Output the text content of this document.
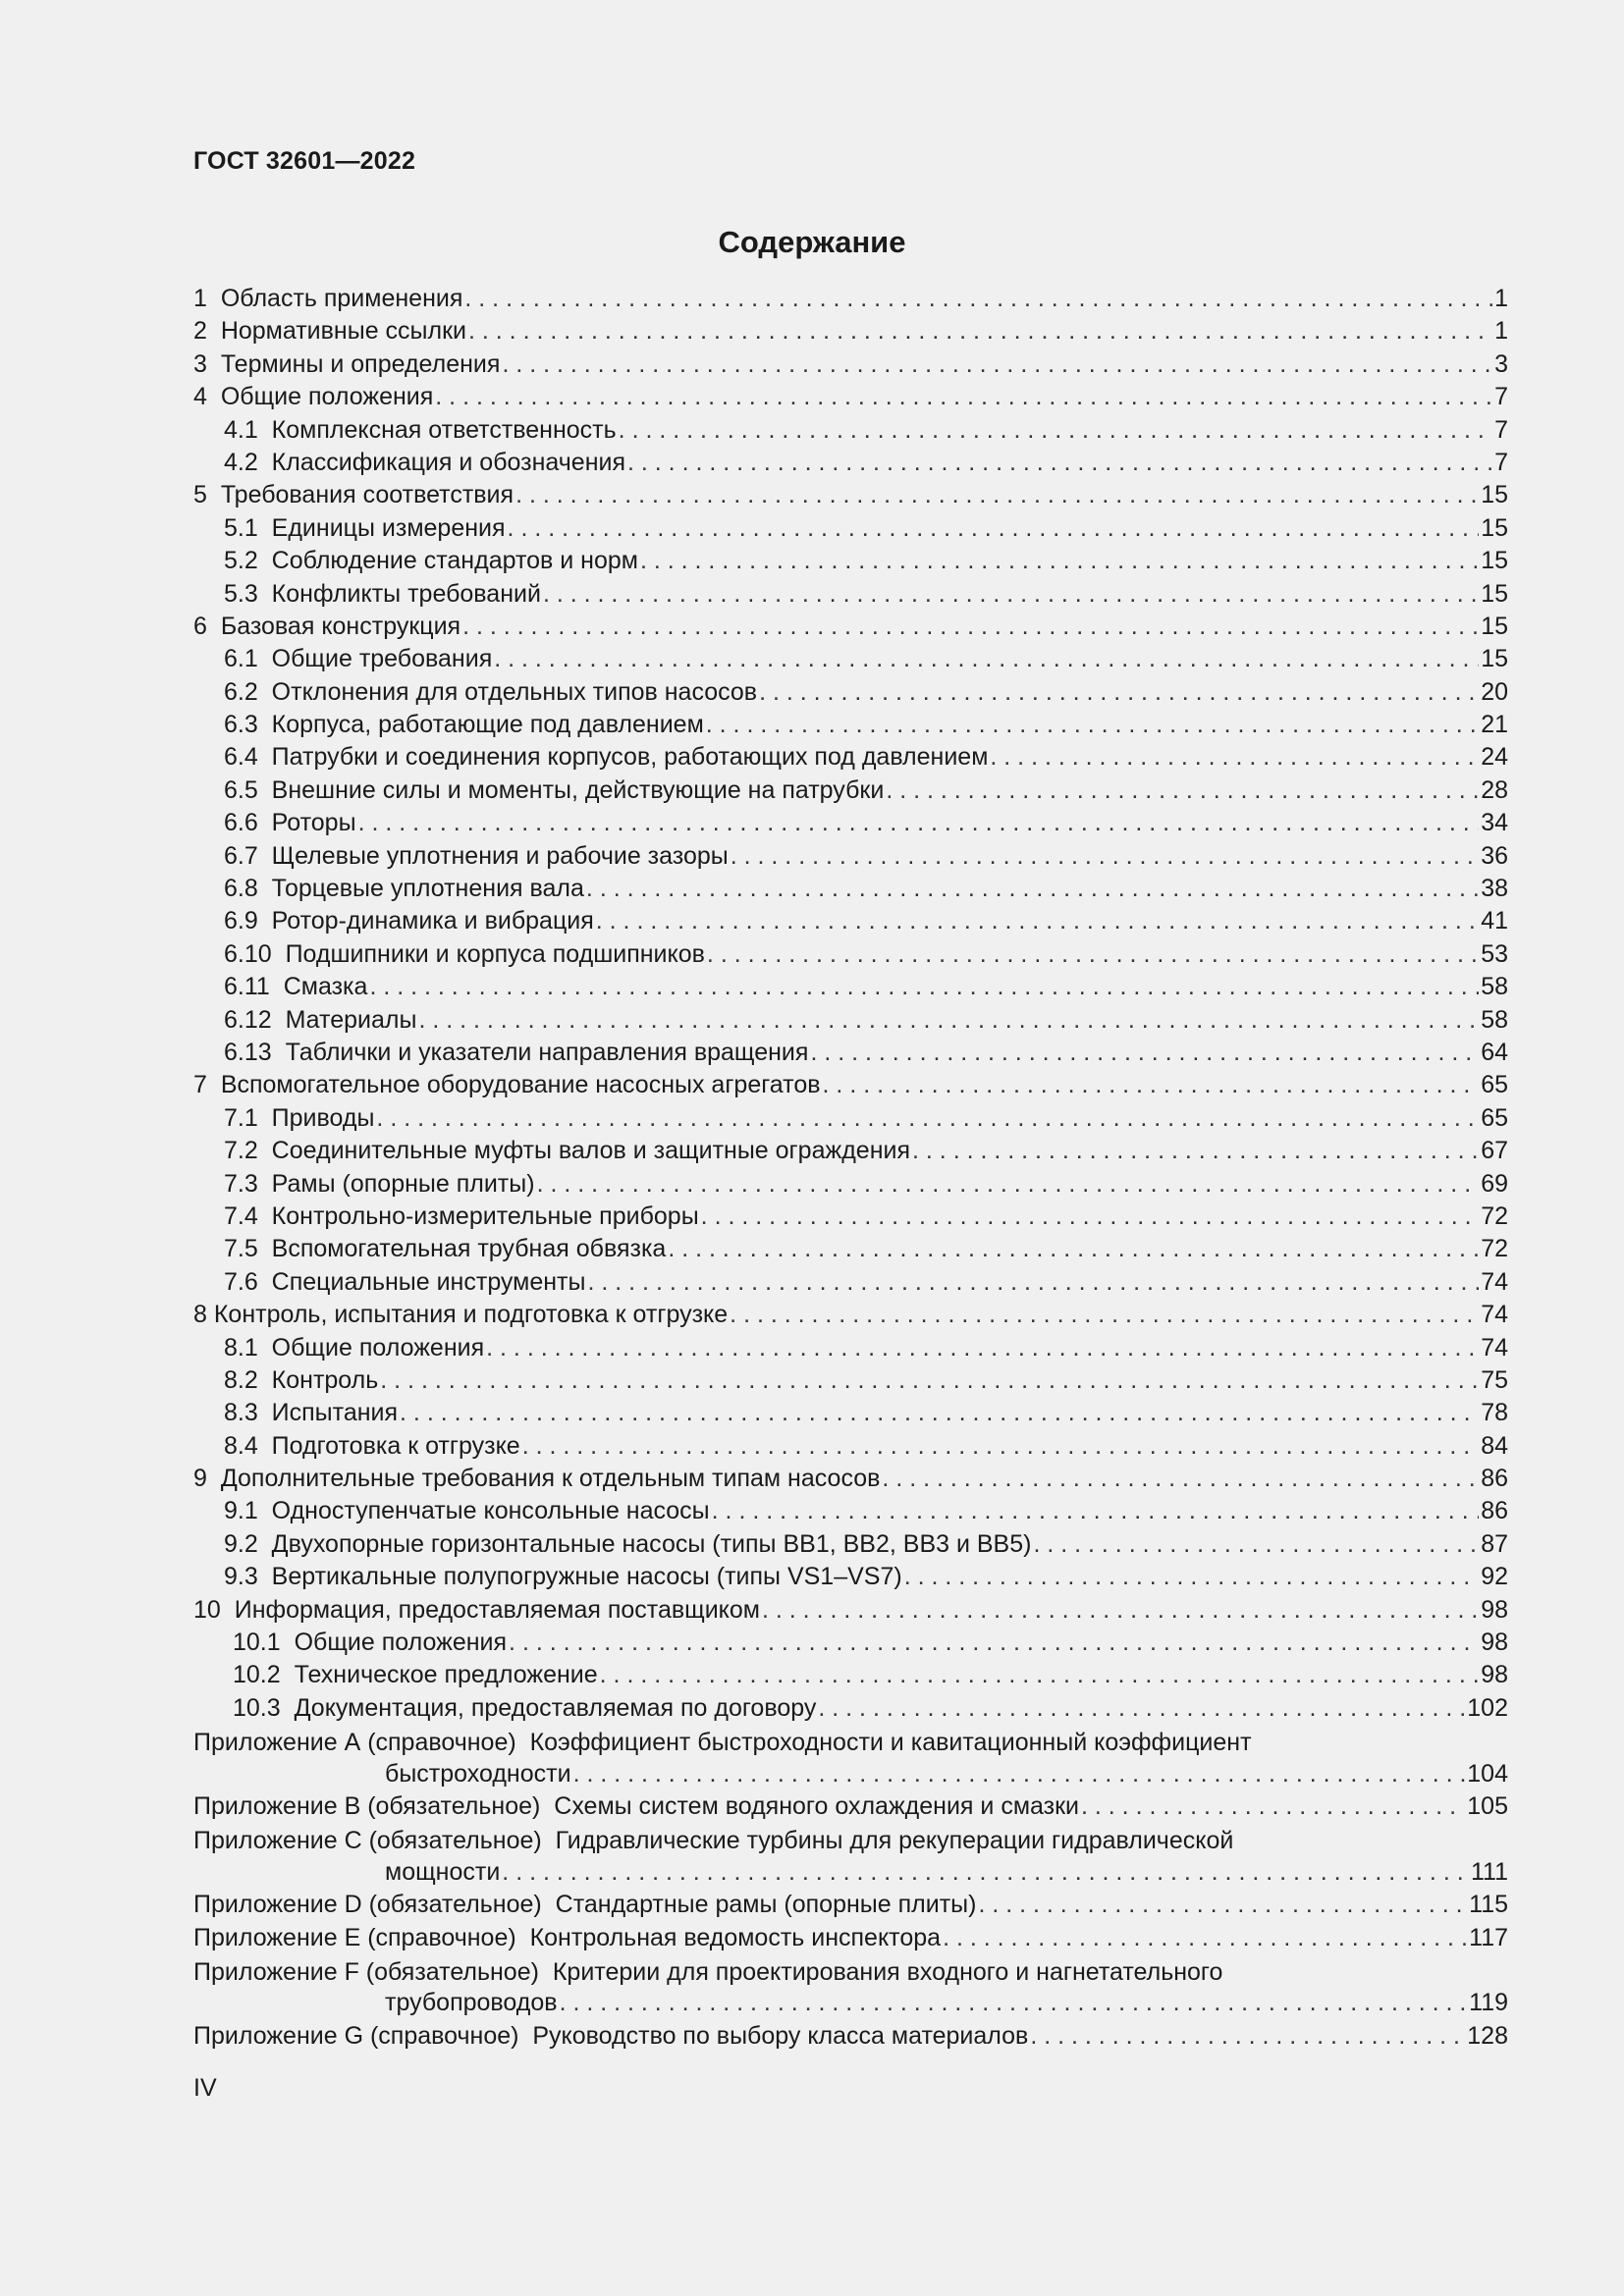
ГОСТ 32601—2022
Содержание
1 Область применения . . .	1
2 Нормативные ссылки . . .	1
3 Термины и определения . . .	3
4 Общие положения . . .	7
4.1 Комплексная ответственность . . .	7
4.2 Классификация и обозначения . . .	7
5 Требования соответствия . . .	15
5.1 Единицы измерения . . .	15
5.2 Соблюдение стандартов и норм . . .	15
5.3 Конфликты требований . . .	15
6 Базовая конструкция . . .	15
6.1 Общие требования . . .	15
6.2 Отклонения для отдельных типов насосов . . .	20
6.3 Корпуса, работающие под давлением . . .	21
6.4 Патрубки и соединения корпусов, работающих под давлением . . .	24
6.5 Внешние силы и моменты, действующие на патрубки . . .	28
6.6 Роторы . . .	34
6.7 Щелевые уплотнения и рабочие зазоры . . .	36
6.8 Торцевые уплотнения вала . . .	38
6.9 Ротор-динамика и вибрация . . .	41
6.10 Подшипники и корпуса подшипников . . .	53
6.11 Смазка . . .	58
6.12 Материалы . . .	58
6.13 Таблички и указатели направления вращения . . .	64
7 Вспомогательное оборудование насосных агрегатов . . .	65
7.1 Приводы . . .	65
7.2 Соединительные муфты валов и защитные ограждения . . .	67
7.3 Рамы (опорные плиты) . . .	69
7.4 Контрольно-измерительные приборы . . .	72
7.5 Вспомогательная трубная обвязка . . .	72
7.6 Специальные инструменты . . .	74
8 Контроль, испытания и подготовка к отгрузке . . .	74
8.1 Общие положения . . .	74
8.2 Контроль . . .	75
8.3 Испытания . . .	78
8.4 Подготовка к отгрузке . . .	84
9 Дополнительные требования к отдельным типам насосов . . .	86
9.1 Одноступенчатые консольные насосы . . .	86
9.2 Двухопорные горизонтальные насосы (типы BB1, BB2, BB3 и BB5) . . .	87
9.3 Вертикальные полупогружные насосы (типы VS1–VS7) . . .	92
10 Информация, предоставляемая поставщиком . . .	98
10.1 Общие положения . . .	98
10.2 Техническое предложение . . .	98
10.3 Документация, предоставляемая по договору . . .	102
Приложение А (справочное) Коэффициент быстроходности и кавитационный коэффициент
быстроходности . . .	104
Приложение В (обязательное) Схемы систем водяного охлаждения и смазки . . .	105
Приложение С (обязательное) Гидравлические турбины для рекуперации гидравлической
мощности . . .	111
Приложение D (обязательное) Стандартные рамы (опорные плиты) . . .	115
Приложение E (справочное) Контрольная ведомость инспектора . . .	117
Приложение F (обязательное) Критерии для проектирования входного и нагнетательного
трубопроводов . . .	119
Приложение G (справочное) Руководство по выбору класса материалов . . .	128
IV
